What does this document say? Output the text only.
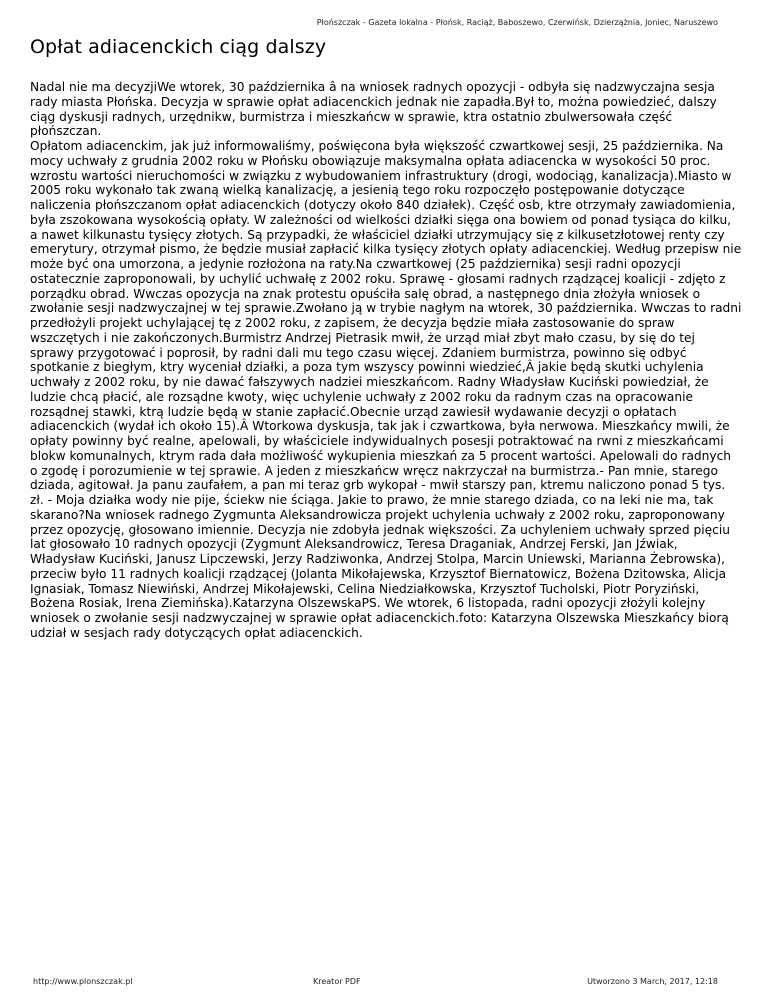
Płońszczak - Gazeta lokalna - Płońsk, Raciąż, Baboszewo, Czerwińsk, Dzierzążnia, Joniec, Naruszewo
Opłat adiacenckich ciąg dalszy
Nadal nie ma decyzjiWe wtorek, 30 października â na wniosek radnych opozycji - odbyła się nadzwyczajna sesja rady miasta Płońska. Decyzja w sprawie opłat adiacenckich jednak nie zapadła.Był to, można powiedzieć, dalszy ciąg dyskusji radnych, urzędnikw, burmistrza i mieszkańcw w sprawie, ktra ostatnio zbulwersowała część płońszczan.
Opłatom adiacenckim, jak już informowaliśmy, poświęcona była większość czwartkowej sesji, 25 października. Na mocy uchwały z grudnia 2002 roku w Płońsku obowiązuje maksymalna opłata adiacencka w wysokości 50 proc. wzrostu wartości nieruchomości w związku z wybudowaniem infrastruktury (drogi, wodociąg, kanalizacja).Miasto w 2005 roku wykonało tak zwaną wielką kanalizację, a jesienią tego roku rozpoczęło postępowanie dotyczące naliczenia płońszczanom opłat adiacenckich (dotyczy około 840 działek). Część osb, ktre otrzymały zawiadomienia, była zszokowana wysokością opłaty. W zależności od wielkości działki sięga ona bowiem od ponad tysiąca do kilku, a nawet kilkunastu tysięcy złotych. Są przypadki, że właściciel działki utrzymujący się z kilkusetzłotowej renty czy emerytury, otrzymał pismo, że będzie musiał zapłacić kilka tysięcy złotych opłaty adiacenckiej. Według przepisw nie może być ona umorzona, a jedynie rozłożona na raty.Na czwartkowej (25 października) sesji radni opozycji ostatecznie zaproponowali, by uchylić uchwałę z 2002 roku. Sprawę - głosami radnych rządzącej koalicji - zdjęto z porządku obrad. Wwczas opozycja na znak protestu opuściła salę obrad, a następnego dnia złożyła wniosek o zwołanie sesji nadzwyczajnej w tej sprawie.Zwołano ją w trybie nagłym na wtorek, 30 października. Wwczas to radni przedłożyli projekt uchylającej tę z 2002 roku, z zapisem, że decyzja będzie miała zastosowanie do spraw wszczętych i nie zakończonych.Burmistrz Andrzej Pietrasik mwił, że urząd miał zbyt mało czasu, by się do tej sprawy przygotować i poprosił, by radni dali mu tego czasu więcej. Zdaniem burmistrza, powinno się odbyć spotkanie z biegłym, ktry wyceniał działki, a poza tym wszyscy powinni wiedzieć,Â jakie będą skutki uchylenia uchwały z 2002 roku, by nie dawać fałszywych nadziei mieszkańcom. Radny Władysław Kuciński powiedział, że ludzie chcą płacić, ale rozsądne kwoty, więc uchylenie uchwały z 2002 roku da radnym czas na opracowanie rozsądnej stawki, ktrą ludzie będą w stanie zapłacić.Obecnie urząd zawiesił wydawanie decyzji o opłatach adiacenckich (wydał ich około 15).Â Wtorkowa dyskusja, tak jak i czwartkowa, była nerwowa. Mieszkańcy mwili, że opłaty powinny być realne, apelowali, by właściciele indywidualnych posesji potraktować na rwni z mieszkańcami blokw komunalnych, ktrym rada dała możliwość wykupienia mieszkań za 5 procent wartości. Apelowali do radnych o zgodę i porozumienie w tej sprawie. A jeden z mieszkańcw wręcz nakrzyczał na burmistrza.- Pan mnie, starego dziada, agitował. Ja panu zaufałem, a pan mi teraz grb wykopał - mwił starszy pan, ktremu naliczono ponad 5 tys. zł. - Moja działka wody nie pije, ściekw nie ściąga. Jakie to prawo, że mnie starego dziada, co na leki nie ma, tak skarano?Na wniosek radnego Zygmunta Aleksandrowicza projekt uchylenia uchwały z 2002 roku, zaproponowany przez opozycję, głosowano imiennie. Decyzja nie zdobyła jednak większości. Za uchyleniem uchwały sprzed pięciu lat głosowało 10 radnych opozycji (Zygmunt Aleksandrowicz, Teresa Draganiak, Andrzej Ferski, Jan Jźwiak, Władysław Kuciński, Janusz Lipczewski, Jerzy Radziwonka, Andrzej Stolpa, Marcin Uniewski, Marianna Żebrowska), przeciw było 11 radnych koalicji rządzącej (Jolanta Mikołajewska, Krzysztof Biernatowicz, Bożena Dzitowska, Alicja Ignasiak, Tomasz Niewiński, Andrzej Mikołajewski, Celina Niedziałkowska, Krzysztof Tucholski, Piotr Poryziński, Bożena Rosiak, Irena Ziemińska).Katarzyna OlszewskaPS. We wtorek, 6 listopada, radni opozycji złożyli kolejny wniosek o zwołanie sesji nadzwyczajnej w sprawie opłat adiacenckich.foto: Katarzyna Olszewska Mieszkańcy biorą udział w sesjach rady dotyczących opłat adiacenckich.
http://www.plonszczak.pl	Kreator PDF	Utworzono 3 March, 2017, 12:18
